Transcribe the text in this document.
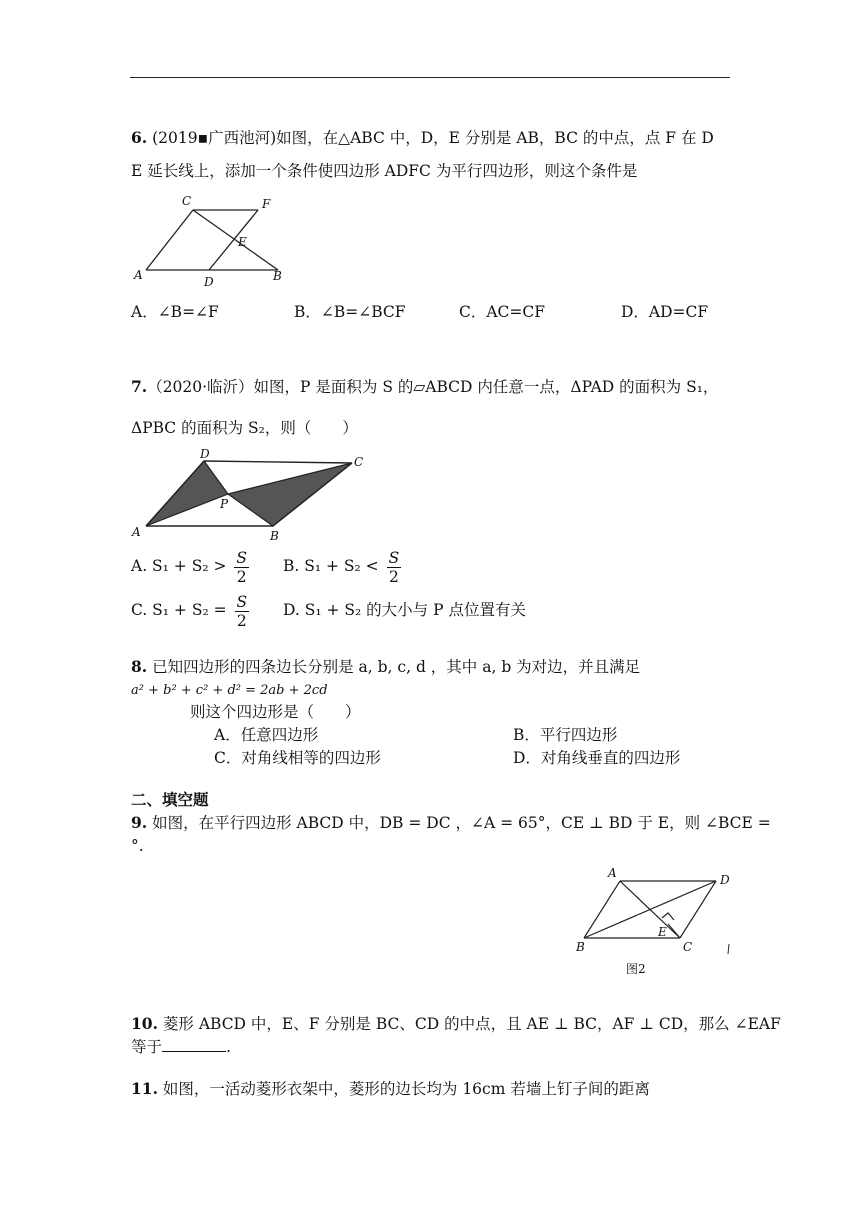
6. (2019▪广西池河)如图，在△ABC 中，D，E 分别是 AB，BC 的中点，点 F 在 D
E 延长线上，添加一个条件使四边形 ADFC 为平行四边形，则这个条件是
C	F
E
A	D	B
A．∠B=∠F	B．∠B=∠BCF	C．AC=CF	D．AD=CF
7.（2020·临沂）如图，P 是面积为 S 的▱ABCD 内任意一点，ΔPAD 的面积为 S₁，
ΔPBC 的面积为 S₂，则（　　）
D
C
P
A	B
A. $S_1 + S_2 > \frac{S}{2} B$. $S_1 + S_2 < \frac{S}{2}$
C. $S_1 + S_2 = \frac{S}{2} D$. S₁ + S₂ 的大小与 P 点位置有关
8. 已知四边形的四条边长分别是 a, b, c, d ，其中 a, b 为对边，并且满足
a² + b² + c² + d² = 2ab + 2cd
则这个四边形是（　　）
A．任意四边形	B．平行四边形
C．对角线相等的四边形	D．对角线垂直的四边形
二、填空题
9. 如图，在平行四边形 ABCD 中，DB = DC ，∠A = 65°，CE ⊥ BD 于 E，则 ∠BCE =
°.
A	D
E
B	C
图2
10. 菱形 ABCD 中，E、F 分别是 BC、CD 的中点，且 AE ⊥ BC，AF ⊥ CD，那么 ∠EAF
等于	.
11. 如图，一活动菱形衣架中，菱形的边长均为 16cm 若墙上钉子间的距离
